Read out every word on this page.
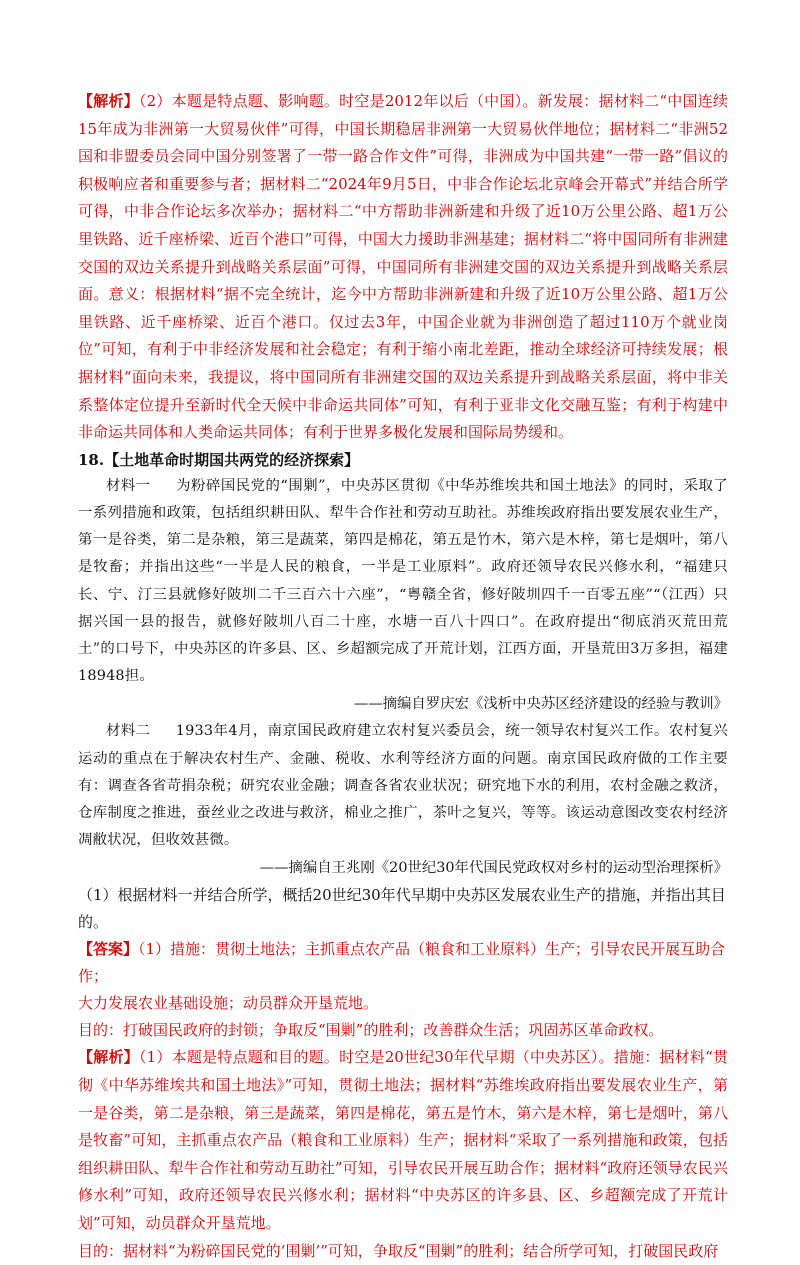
【解析】（2）本题是特点题、影响题。时空是2012年以后（中国）。新发展：据材料二“中国连续15年成为非洲第一大贸易伙伴”可得，中国长期稳居非洲第一大贸易伙伴地位；据材料二“非洲52国和非盟委员会同中国分别签署了一带一路合作文件”可得，非洲成为中国共建“一带一路”倡议的积极响应者和重要参与者；据材料二“2024年9月5日，中非合作论坛北京峰会开幕式”并结合所学可得，中非合作论坛多次举办；据材料二“中方帮助非洲新建和升级了近10万公里公路、超1万公里铁路、近千座桥梁、近百个港口”可得，中国大力援助非洲基建；据材料二“将中国同所有非洲建交国的双边关系提升到战略关系层面”可得，中国同所有非洲建交国的双边关系提升到战略关系层面。意义：根据材料“据不完全统计，迄今中方帮助非洲新建和升级了近10万公里公路、超1万公里铁路、近千座桥梁、近百个港口。仅过去3年，中国企业就为非洲创造了超过110万个就业岗位”可知，有利于中非经济发展和社会稳定；有利于缩小南北差距，推动全球经济可持续发展；根据材料“面向未来，我提议，将中国同所有非洲建交国的双边关系提升到战略关系层面，将中非关系整体定位提升至新时代全天候中非命运共同体”可知，有利于亚非文化交融互鉴；有利于构建中非命运共同体和人类命运共同体；有利于世界多极化发展和国际局势缓和。

18.【土地革命时期国共两党的经济探索】

材料一 为粉碎国民党的“围剿”，中央苏区贯彻《中华苏维埃共和国土地法》的同时，采取了一系列措施和政策，包括组织耕田队、犁牛合作社和劳动互助社。苏维埃政府指出要发展农业生产，第一是谷类，第二是杂粮，第三是蔬菜，第四是棉花，第五是竹木，第六是木梓，第七是烟叶，第八是牧畜；并指出这些“一半是人民的粮食，一半是工业原料”。政府还领导农民兴修水利，“福建只长、宁、汀三县就修好陂圳二千三百六十六座”，“粤赣全省，修好陂圳四千一百零五座”“（江西）只据兴国一县的报告，就修好陂圳八百二十座，水塘一百八十四口”。在政府提出“彻底消灭荒田荒土”的口号下，中央苏区的许多县、区、乡超额完成了开荒计划，江西方面，开垦荒田3万多担，福建18948担。

——摘编自罗庆宏《浅析中央苏区经济建设的经验与教训》

材料二 1933年4月，南京国民政府建立农村复兴委员会，统一领导农村复兴工作。农村复兴运动的重点在于解决农村生产、金融、税收、水利等经济方面的问题。南京国民政府做的工作主要有：调查各省苛捐杂税；研究农业金融；调查各省农业状况；研究地下水的利用，农村金融之救济，仓库制度之推进，蚕丝业之改进与救济，棉业之推广，茶叶之复兴，等等。该运动意图改变农村经济凋敝状况，但收效甚微。

——摘编自王兆刚《20世纪30年代国民党政权对乡村的运动型治理探析》

（1）根据材料一并结合所学，概括20世纪30年代早期中央苏区发展农业生产的措施，并指出其目的。

【答案】（1）措施：贯彻土地法；主抓重点农产品（粮食和工业原料）生产；引导农民开展互助合作；

大力发展农业基础设施；动员群众开垦荒地。

目的：打破国民政府的封锁；争取反“围剿”的胜利；改善群众生活；巩固苏区革命政权。

【解析】（1）本题是特点题和目的题。时空是20世纪30年代早期（中央苏区）。措施：据材料“贯彻《中华苏维埃共和国土地法》”可知，贯彻土地法；据材料“苏维埃政府指出要发展农业生产，第一是谷类，第二是杂粮，第三是蔬菜，第四是棉花，第五是竹木，第六是木梓，第七是烟叶，第八是牧畜”可知，主抓重点农产品（粮食和工业原料）生产；据材料“采取了一系列措施和政策，包括组织耕田队、犁牛合作社和劳动互助社”可知，引导农民开展互助合作；据材料“政府还领导农民兴修水利”可知，政府还领导农民兴修水利；据材料“中央苏区的许多县、区、乡超额完成了开荒计划”可知，动员群众开垦荒地。

目的：据材料“为粉碎国民党的‘围剿’”可知，争取反“围剿”的胜利；结合所学可知，打破国民政府
